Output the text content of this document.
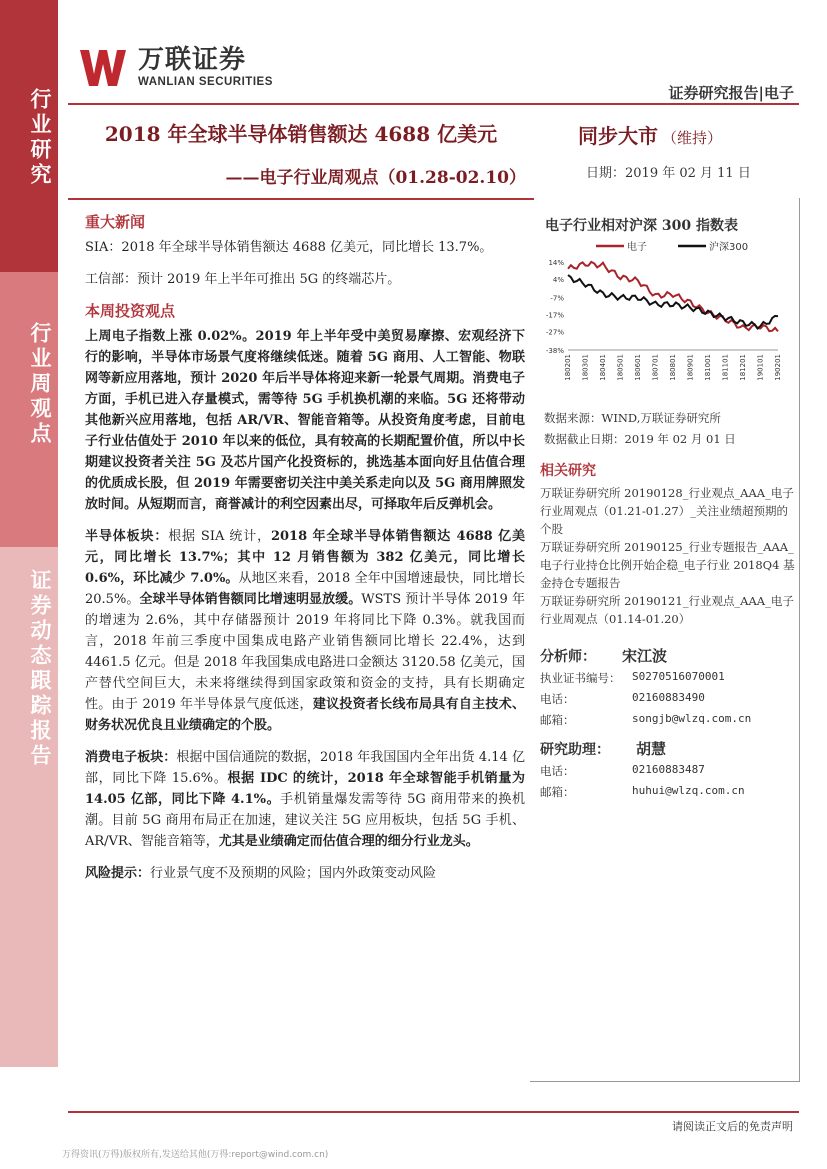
行业研究
行业周观点
证券动态跟踪报告
万联证券
WANLIAN SECURITIES
证券研究报告|电子
2018 年全球半导体销售额达 4688 亿美元
——电子行业周观点（01.28-02.10）
同步大市 （维持）
日期：2019 年 02 月 11 日
重大新闻
SIA：2018 年全球半导体销售额达 4688 亿美元，同比增长 13.7%。
工信部：预计 2019 年上半年可推出 5G 的终端芯片。
本周投资观点
上周电子指数上涨 0.02%。2019 年上半年受中美贸易摩擦、宏观经济下行的影响，半导体市场景气度将继续低迷。随着 5G 商用、人工智能、物联网等新应用落地，预计 2020 年后半导体将迎来新一轮景气周期。消费电子方面，手机已进入存量模式，需等待 5G 手机换机潮的来临。5G 还将带动其他新兴应用落地，包括 AR/VR、智能音箱等。从投资角度考虑，目前电子行业估值处于 2010 年以来的低位，具有较高的长期配置价值，所以中长期建议投资者关注 5G 及芯片国产化投资标的，挑选基本面向好且估值合理的优质成长股，但 2019 年需要密切关注中美关系走向以及 5G 商用牌照发放时间。从短期而言，商誉减计的利空因素出尽，可择取年后反弹机会。
半导体板块：根据 SIA 统计，2018 年全球半导体销售额达 4688 亿美元，同比增长 13.7%；其中 12 月销售额为 382 亿美元，同比增长 0.6%，环比减少 7.0%。从地区来看，2018 全年中国增速最快，同比增长 20.5%。全球半导体销售额同比增速明显放缓。WSTS 预计半导体 2019 年的增速为 2.6%，其中存储器预计 2019 年将同比下降 0.3%。就我国而言，2018 年前三季度中国集成电路产业销售额同比增长 22.4%，达到 4461.5 亿元。但是 2018 年我国集成电路进口金额达 3120.58 亿美元，国产替代空间巨大，未来将继续得到国家政策和资金的支持，具有长期确定性。由于 2019 年半导体景气度低迷，建议投资者长线布局具有自主技术、财务状况优良且业绩确定的个股。
消费电子板块：根据中国信通院的数据，2018 年我国国内全年出货 4.14 亿部，同比下降 15.6%。根据 IDC 的统计，2018 年全球智能手机销量为 14.05 亿部，同比下降 4.1%。手机销量爆发需等待 5G 商用带来的换机潮。目前 5G 商用布局正在加速，建议关注 5G 应用板块，包括 5G 手机、AR/VR、智能音箱等，尤其是业绩确定而估值合理的细分行业龙头。
风险提示：行业景气度不及预期的风险；国内外政策变动风险
电子行业相对沪深 300 指数表
电子	沪深300
14%
4%
-7%
-17%
-27%
-38%
180201 180301 180401 180501 180601 180701 180801 180901 181001 181101 181201 190101 190201
数据来源：WIND,万联证券研究所
数据截止日期：2019 年 02 月 01 日
相关研究
万联证券研究所 20190128_行业观点_AAA_电子行业周观点（01.21-01.27）_关注业绩超预期的个股
万联证券研究所 20190125_行业专题报告_AAA_电子行业持仓比例开始企稳_电子行业 2018Q4 基金持仓专题报告
万联证券研究所 20190121_行业观点_AAA_电子行业周观点（01.14-01.20）
分析师： 宋江波
执业证书编号： S0270516070001
电话：	02160883490
邮箱：	songjb@wlzq.com.cn
研究助理： 胡慧
电话：	02160883487
邮箱：	huhui@wlzq.com.cn
请阅读正文后的免责声明
万得资讯(万得)版权所有,发送给其他(万得:report@wind.com.cn)
